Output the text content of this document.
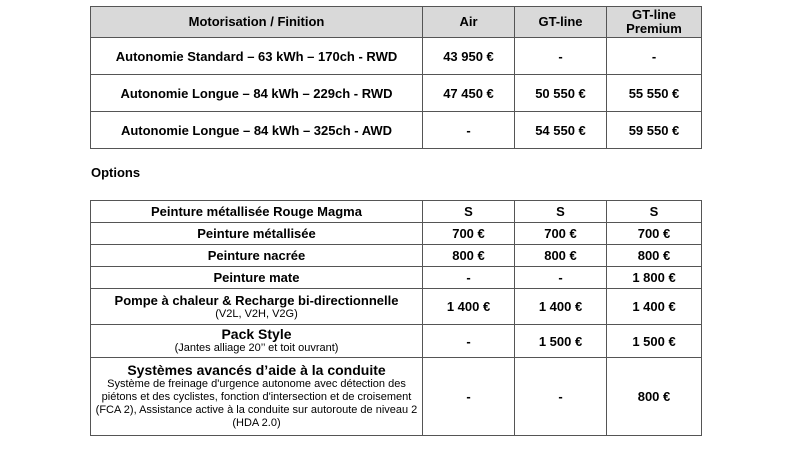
Motorisation / Finition	Air	GT-line	GT-line
Premium
Autonomie Standard – 63 kWh – 170ch - RWD	43 950 €	-	-
Autonomie Longue – 84 kWh – 229ch - RWD	47 450 €	50 550 €	55 550 €
Autonomie Longue – 84 kWh – 325ch - AWD	-	54 550 €	59 550 €
Options
Peinture métallisée Rouge Magma	S	S	S
Peinture métallisée	700 €	700 €	700 €
Peinture nacrée	800 €	800 €	800 €
Peinture mate	-	-	1 800 €

Pompe à chaleur & Recharge bi-directionnelle
(V2L, V2H, V2G)	1 400 €	1 400 €	1 400 €

Pack Style
(Jantes alliage 20’’ et toit ouvrant)	-	1 500 €	1 500 €

Systèmes avancés d’aide à la conduite
Système de freinage d'urgence autonome avec détection des piétons et des cyclistes, fonction d'intersection et de croisement (FCA 2), Assistance active à la conduite sur autoroute de niveau 2 (HDA 2.0)	-	-	800 €
